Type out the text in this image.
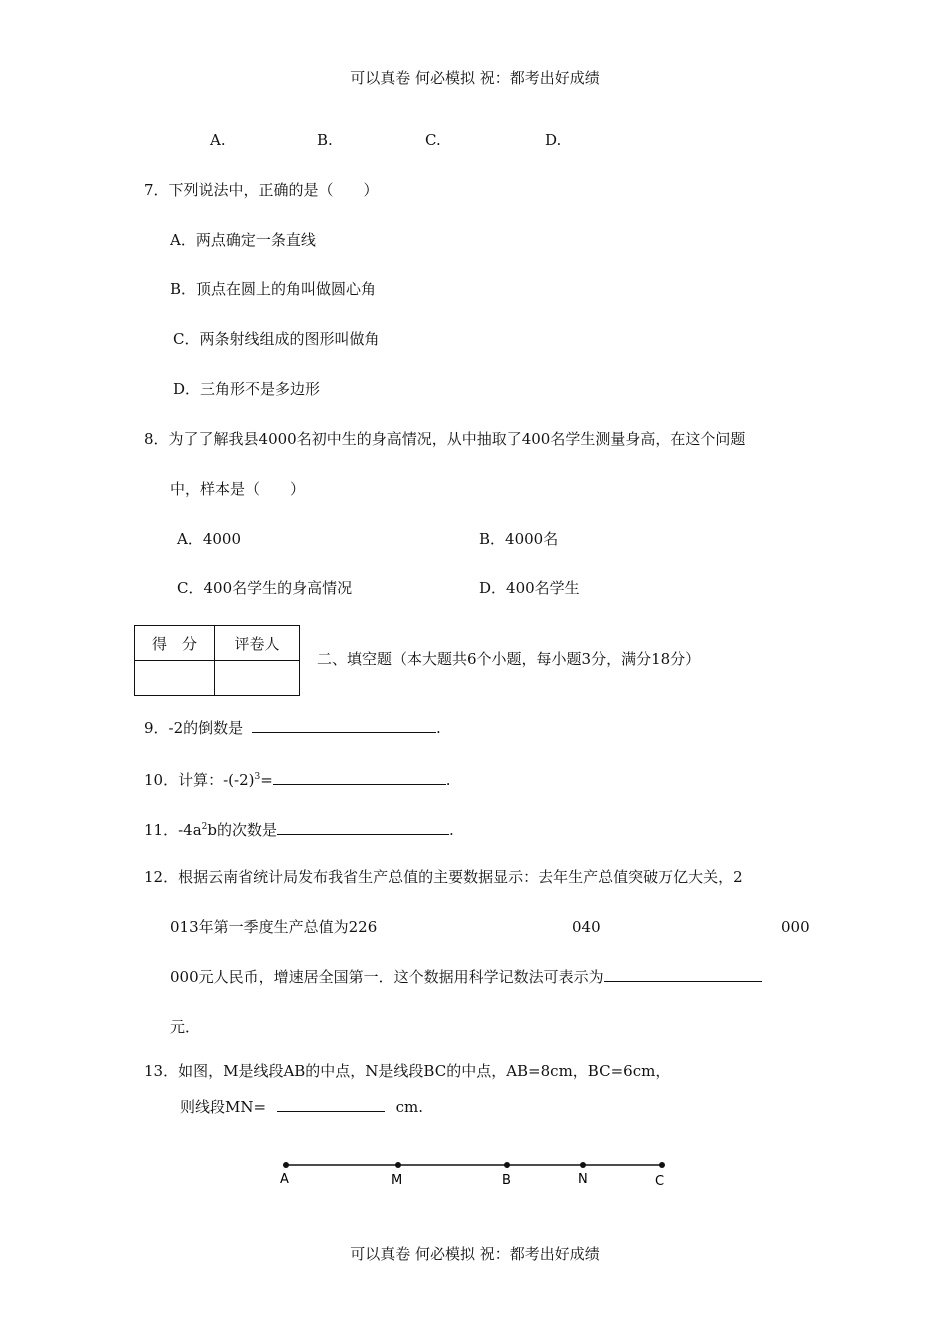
可以真卷 何必模拟 祝：都考出好成绩
A.	B.	C.	D.
7．下列说法中，正确的是（　　）
A．两点确定一条直线
B．顶点在圆上的角叫做圆心角
C．两条射线组成的图形叫做角
D．三角形不是多边形
8．为了了解我县4000名初中生的身高情况，从中抽取了400名学生测量身高，在这个问题
中，样本是（　　）
A．4000	B．4000名
C．400名学生的身高情况	D．400名学生
得　分	评卷人

二、填空题（本大题共6个小题，每小题3分，满分18分）
9．-2的倒数是	.
10．计算：$-(-2)^3=$	.
11．$-4a^2b$的次数是	.
12．根据云南省统计局发布我省生产总值的主要数据显示：去年生产总值突破万亿大关，2
013年第一季度生产总值为226	040	000
000元人民币，增速居全国第一．这个数据用科学记数法可表示为
元．
13．如图，M是线段AB的中点，N是线段BC的中点，AB=8cm，BC=6cm，
则线段MN=	cm.
A	M	B	N	C
可以真卷 何必模拟 祝：都考出好成绩
